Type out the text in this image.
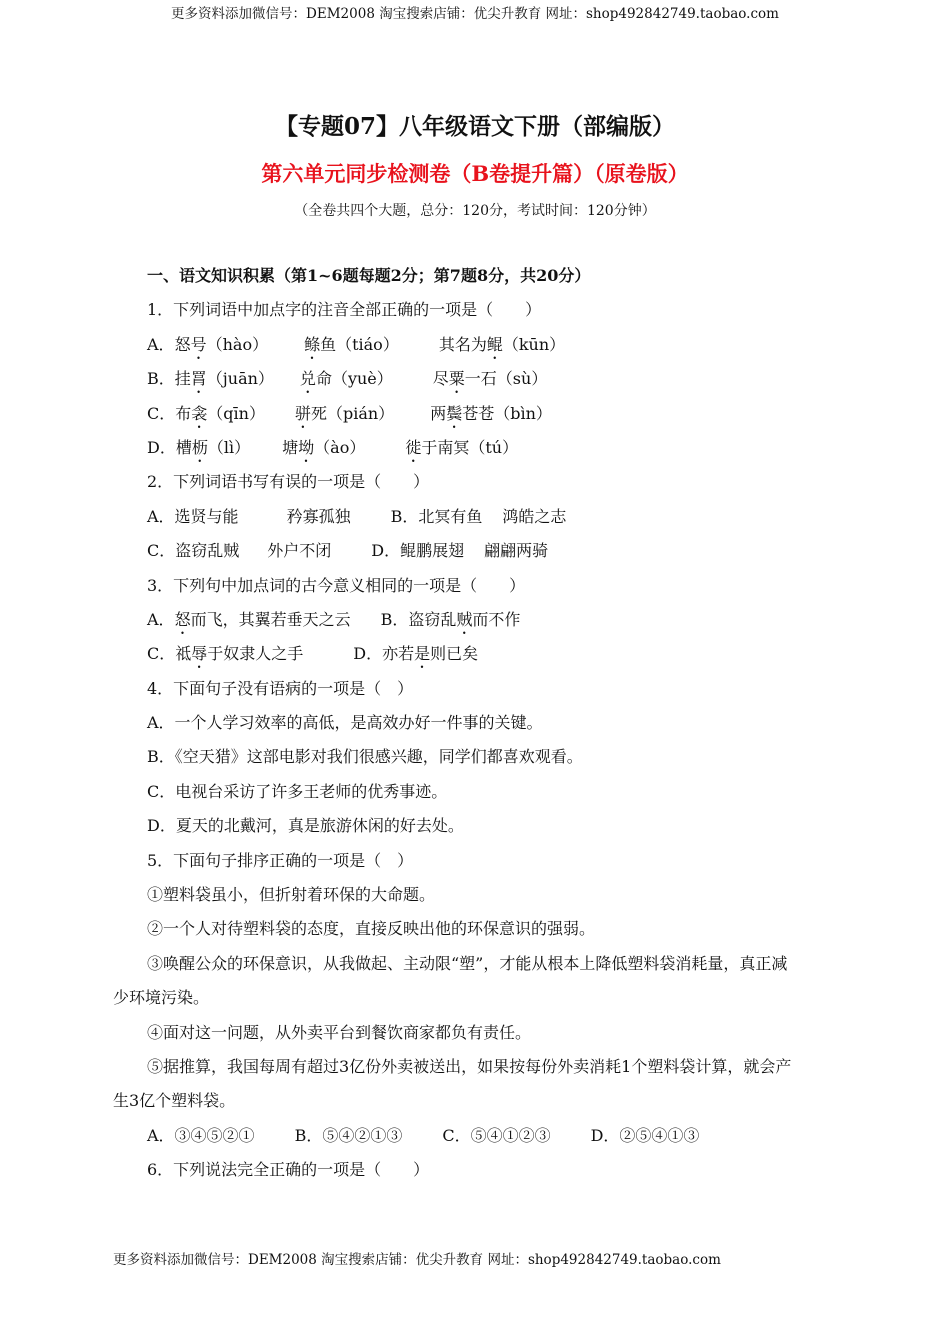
更多资料添加微信号：DEM2008 淘宝搜索店铺：优尖升教育 网址：shop492842749.taobao.com
【专题07】八年级语文下册（部编版）
第六单元同步检测卷（B卷提升篇）（原卷版）
（全卷共四个大题，总分：120分，考试时间：120分钟）
一、语文知识积累（第1~6题每题2分；第7题8分，共20分）
1．下列词语中加点字的注音全部正确的一项是（　　）
A．怒号（hào） 鲦鱼（tiáo）	其名为鲲（kūn）
B．挂罥（juān） 兑命（yuè）	尽粟一石（sù）
C．布衾（qīn） 骈死（pián） 两鬓苍苍（bìn）
D．槽枥（lì） 塘坳（ào）	徙于南冥（tú）
2．下列词语书写有误的一项是（　　）
A．选贤与能	矜寡孤独	B．北冥有鱼 鸿皓之志
C．盗窃乱贼 外户不闭	D．鲲鹏展翅 翩翩两骑
3．下列句中加点词的古今意义相同的一项是（　　）
A．怒而飞，其翼若垂天之云 B．盗窃乱贼而不作
C．祗辱于奴隶人之手	D．亦若是则已矣
4．下面句子没有语病的一项是（　）
A．一个人学习效率的高低，是高效办好一件事的关键。
B．《空天猎》这部电影对我们很感兴趣，同学们都喜欢观看。
C．电视台采访了许多王老师的优秀事迹。
D．夏天的北戴河，真是旅游休闲的好去处。
5．下面句子排序正确的一项是（　）
①塑料袋虽小，但折射着环保的大命题。
②一个人对待塑料袋的态度，直接反映出他的环保意识的强弱。
③唤醒公众的环保意识，从我做起、主动限“塑”，才能从根本上降低塑料袋消耗量，真正减
少环境污染。
④面对这一问题，从外卖平台到餐饮商家都负有责任。
⑤据推算，我国每周有超过3亿份外卖被送出，如果按每份外卖消耗1个塑料袋计算，就会产
生3亿个塑料袋。
A．③④⑤②①	B．⑤④②①③	C．⑤④①②③	D．②⑤④①③
6．下列说法完全正确的一项是（　　）
更多资料添加微信号：DEM2008 淘宝搜索店铺：优尖升教育 网址：shop492842749.taobao.com
